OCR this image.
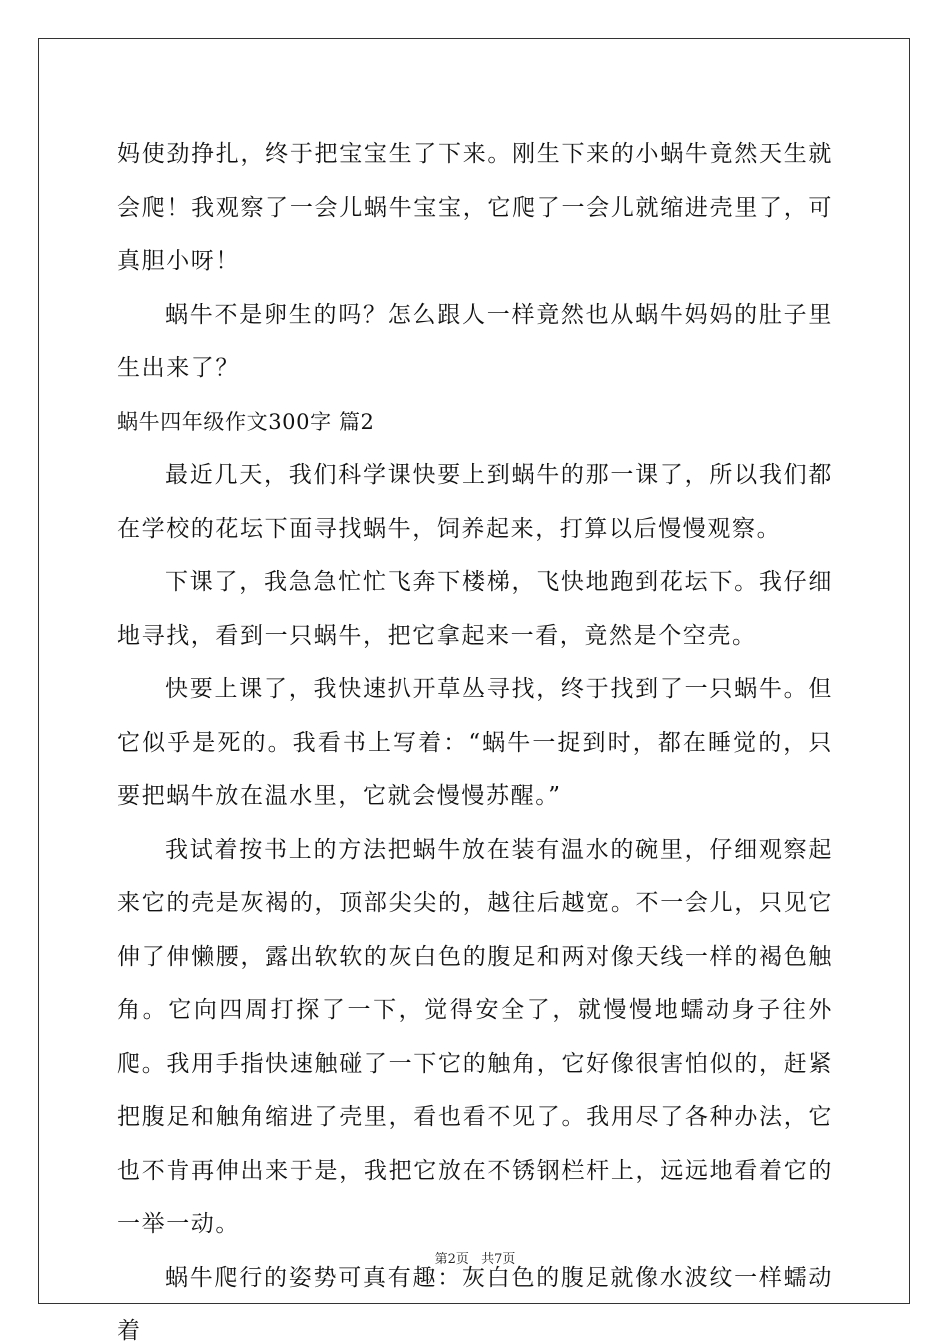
妈使劲挣扎，终于把宝宝生了下来。刚生下来的小蜗牛竟然天生就会爬！我观察了一会儿蜗牛宝宝，它爬了一会儿就缩进壳里了，可真胆小呀！

蜗牛不是卵生的吗？怎么跟人一样竟然也从蜗牛妈妈的肚子里生出来了？

蜗牛四年级作文300字 篇2

最近几天，我们科学课快要上到蜗牛的那一课了，所以我们都在学校的花坛下面寻找蜗牛，饲养起来，打算以后慢慢观察。

下课了，我急急忙忙飞奔下楼梯，飞快地跑到花坛下。我仔细地寻找，看到一只蜗牛，把它拿起来一看，竟然是个空壳。

快要上课了，我快速扒开草丛寻找，终于找到了一只蜗牛。但它似乎是死的。我看书上写着：“蜗牛一捉到时，都在睡觉的，只要把蜗牛放在温水里，它就会慢慢苏醒。”

我试着按书上的方法把蜗牛放在装有温水的碗里，仔细观察起来它的壳是灰褐的，顶部尖尖的，越往后越宽。不一会儿，只见它伸了伸懒腰，露出软软的灰白色的腹足和两对像天线一样的褐色触角。它向四周打探了一下，觉得安全了，就慢慢地蠕动身子往外爬。我用手指快速触碰了一下它的触角，它好像很害怕似的，赶紧把腹足和触角缩进了壳里，看也看不见了。我用尽了各种办法，它也不肯再伸出来于是，我把它放在不锈钢栏杆上，远远地看着它的一举一动。

蜗牛爬行的姿势可真有趣：灰白色的腹足就像水波纹一样蠕动着

第2页 共7页
